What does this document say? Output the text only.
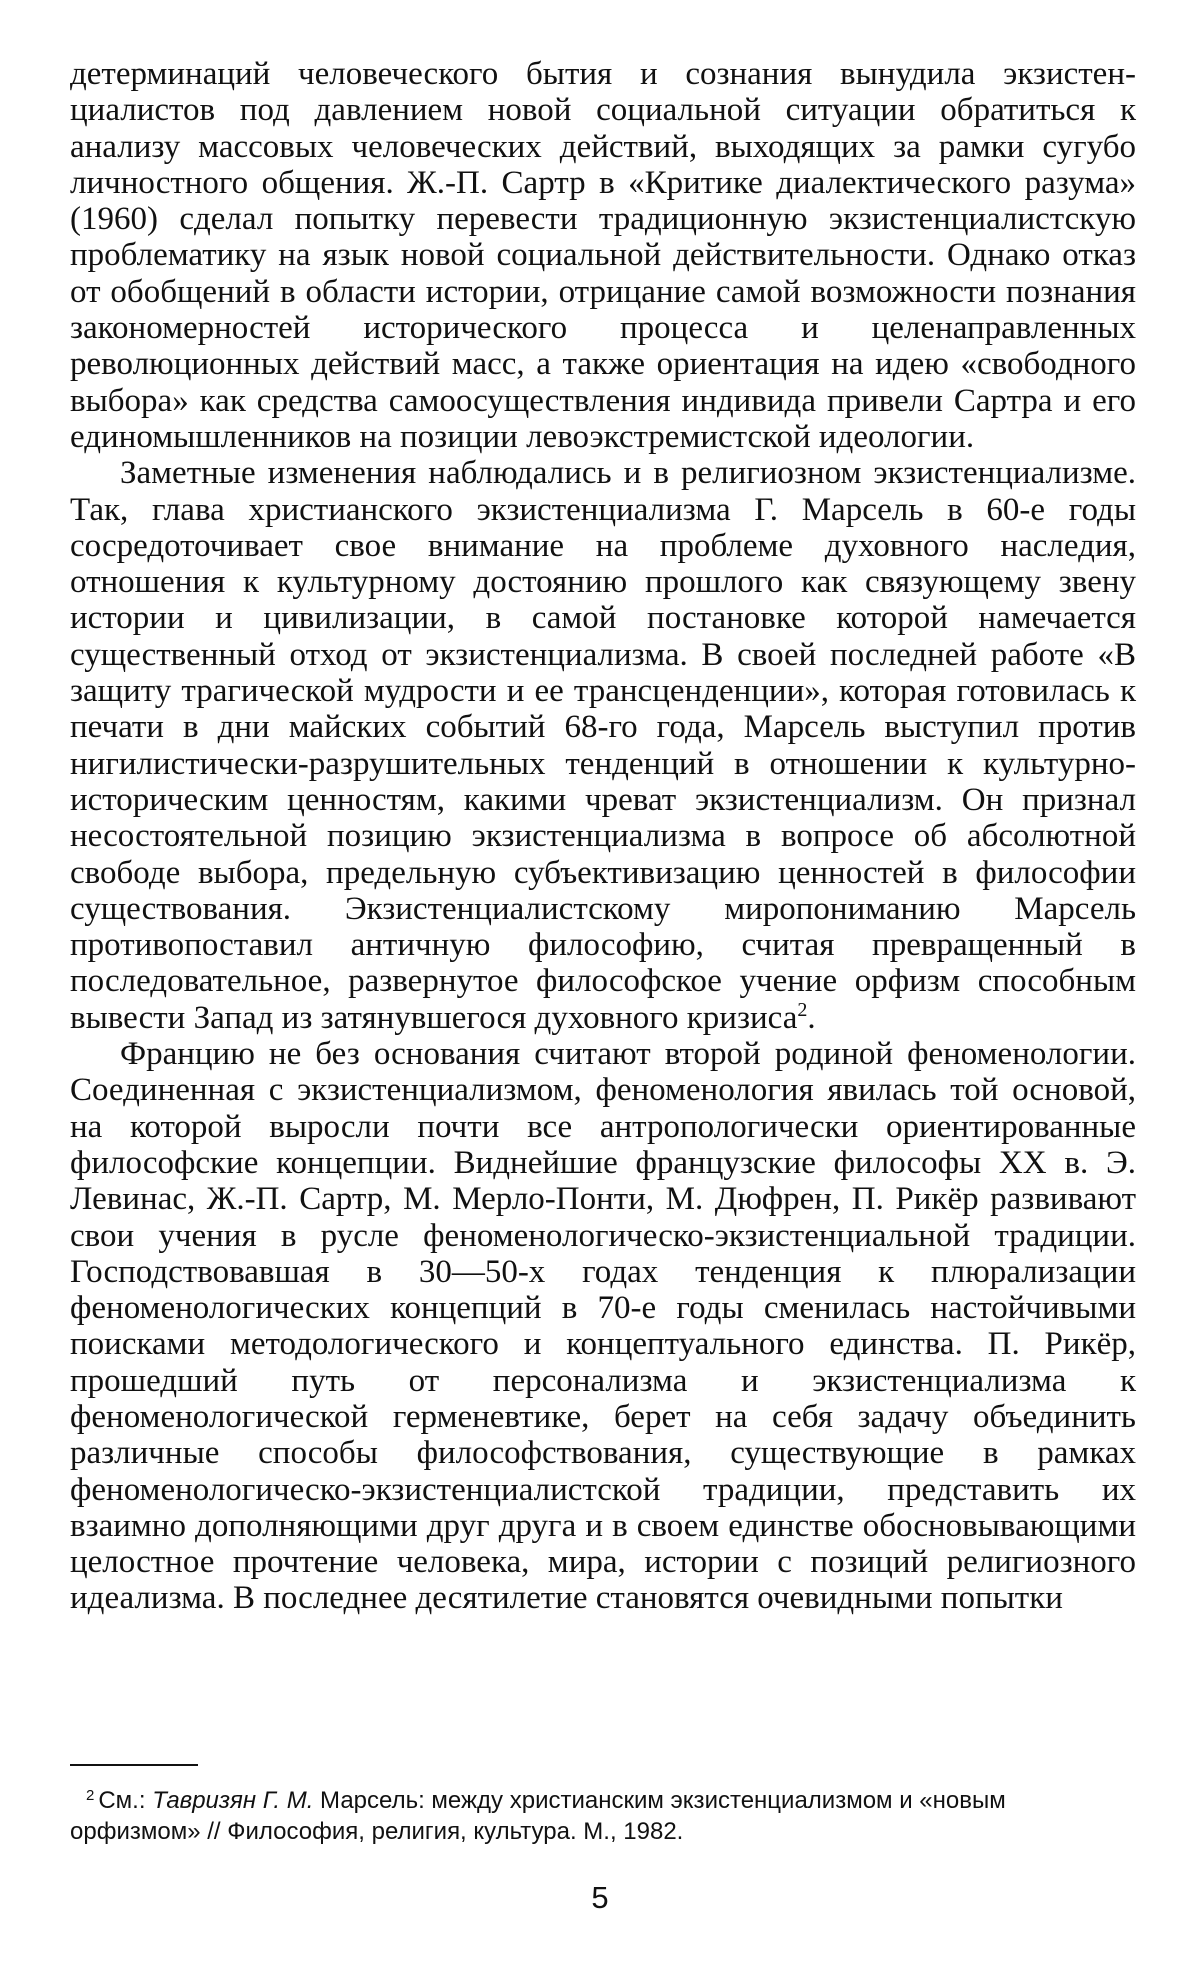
детерминаций человеческого бытия и сознания вынудила экзистенциалистов под давлением новой социальной ситуации обратиться к анализу массовых человеческих действий, выходящих за рамки сугубо личностного общения. Ж.-П. Сартр в «Критике диалектического разума» (1960) сделал попытку перевести традиционную экзистенциалистскую проблематику на язык новой социальной действительности. Однако отказ от обобщений в области истории, отрицание самой возможности познания закономерностей исторического процесса и целенаправленных революционных действий масс, а также ориентация на идею «свободного выбора» как средства самоосуществления индивида привели Сартра и его единомышленников на позиции левоэкстремистской идеологии.

Заметные изменения наблюдались и в религиозном экзистенциализме. Так, глава христианского экзистенциализма Г. Марсель в 60-е годы сосредоточивает свое внимание на проблеме духовного наследия, отношения к культурному достоянию прошлого как связующему звену истории и цивилизации, в самой постановке которой намечается существенный отход от экзистенциализма. В своей последней работе «В защиту трагической мудрости и ее трансценденции», которая готовилась к печати в дни майских событий 68-го года, Марсель выступил против нигилистически-разрушительных тенденций в отношении к культурно-историческим ценностям, какими чреват экзистенциализм. Он признал несостоятельной позицию экзистенциализма в вопросе об абсолютной свободе выбора, предельную субъективизацию ценностей в философии существования. Экзистенциалистскому миропониманию Марсель противопоставил античную философию, считая превращенный в последовательное, развернутое философское учение орфизм способным вывести Запад из затянувшегося духовного кризиса$^2$.

Францию не без основания считают второй родиной феноменологии. Соединенная с экзистенциализмом, феноменология явилась той основой, на которой выросли почти все антропологически ориентированные философские концепции. Виднейшие французские философы XX в. Э. Левинас, Ж.-П. Сартр, М. Мерло-Понти, М. Дюфрен, П. Рикёр развивают свои учения в русле феноменологическо-экзистенциальной традиции. Господствовавшая в 30—50-х годах тенденция к плюрализации феноменологических концепций в 70-е годы сменилась настойчивыми поисками методологического и концептуального единства. П. Рикёр, прошедший путь от персонализма и экзистенциализма к феноменологической герменевтике, берет на себя задачу объединить различные способы философствования, существующие в рамках феноменологическо-экзистенциалистской традиции, представить их взаимно дополняющими друг друга и в своем единстве обосновывающими целостное прочтение человека, мира, истории с позиций религиозного идеализма. В последнее десятилетие становятся очевидными попытки

$^2$ См.: Тавризян Г. М. Марсель: между христианским экзистенциализмом и «новым орфизмом» // Философия, религия, культура. М., 1982.
5
